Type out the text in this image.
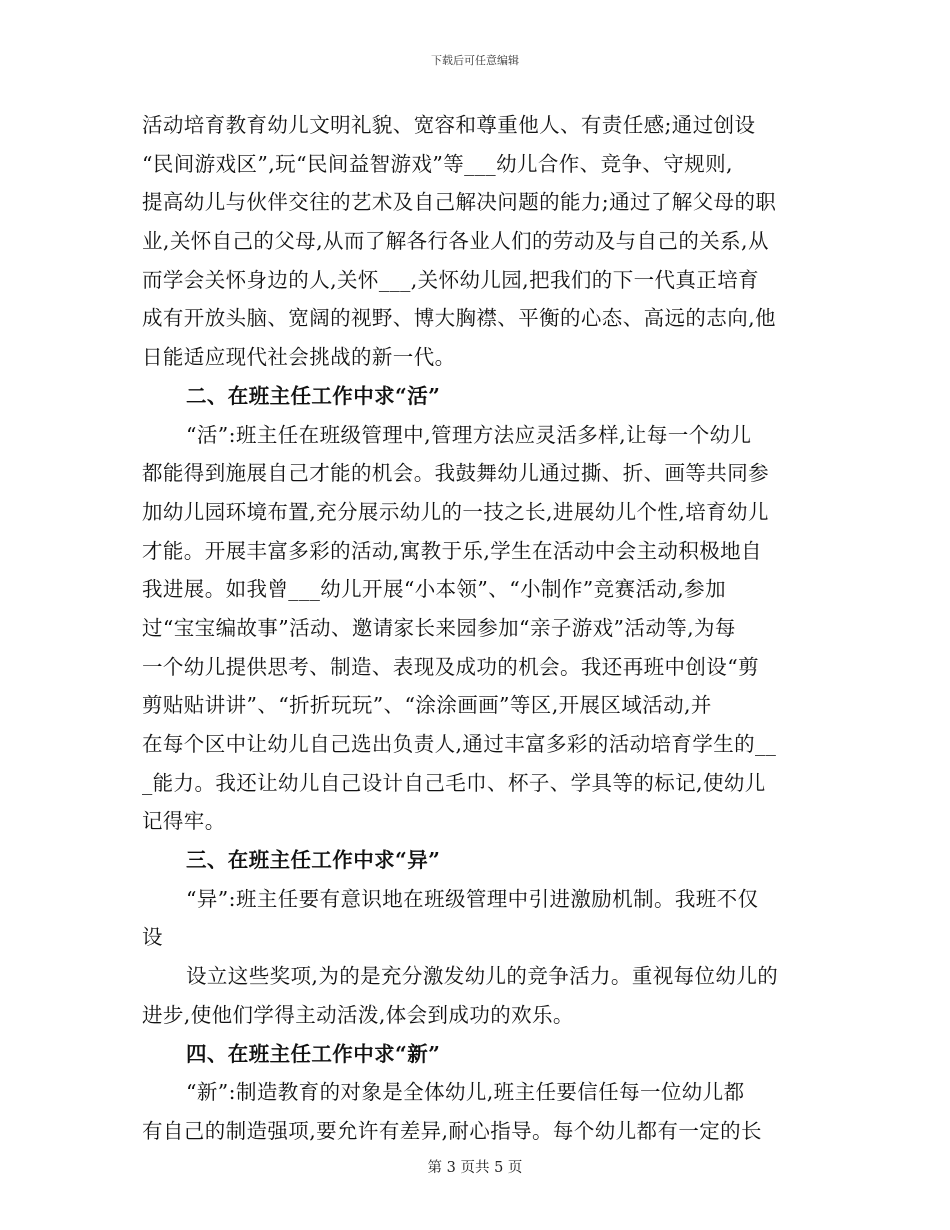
下载后可任意编辑
活动培育教育幼儿文明礼貌、宽容和尊重他人、有责任感;通过创设
“民间游戏区”,玩“民间益智游戏”等___幼儿合作、竞争、守规则,
提高幼儿与伙伴交往的艺术及自己解决问题的能力;通过了解父母的职
业,关怀自己的父母,从而了解各行各业人们的劳动及与自己的关系,从
而学会关怀身边的人,关怀___,关怀幼儿园,把我们的下一代真正培育
成有开放头脑、宽阔的视野、博大胸襟、平衡的心态、高远的志向,他
日能适应现代社会挑战的新一代。
二、在班主任工作中求“活”
“活”:班主任在班级管理中,管理方法应灵活多样,让每一个幼儿
都能得到施展自己才能的机会。我鼓舞幼儿通过撕、折、画等共同参
加幼儿园环境布置,充分展示幼儿的一技之长,进展幼儿个性,培育幼儿
才能。开展丰富多彩的活动,寓教于乐,学生在活动中会主动积极地自
我进展。如我曾___幼儿开展“小本领”、“小制作”竞赛活动,参加
过“宝宝编故事”活动、邀请家长来园参加“亲子游戏”活动等,为每
一个幼儿提供思考、制造、表现及成功的机会。我还再班中创设“剪
剪贴贴讲讲”、“折折玩玩”、“涂涂画画”等区,开展区域活动,并
在每个区中让幼儿自己选出负责人,通过丰富多彩的活动培育学生的__
_能力。我还让幼儿自己设计自己毛巾、杯子、学具等的标记,使幼儿
记得牢。
三、在班主任工作中求“异”
“异”:班主任要有意识地在班级管理中引进激励机制。我班不仅
设
设立这些奖项,为的是充分激发幼儿的竞争活力。重视每位幼儿的
进步,使他们学得主动活泼,体会到成功的欢乐。
四、在班主任工作中求“新”
“新”:制造教育的对象是全体幼儿,班主任要信任每一位幼儿都
有自己的制造强项,要允许有差异,耐心指导。每个幼儿都有一定的长
第 3 页共 5 页
